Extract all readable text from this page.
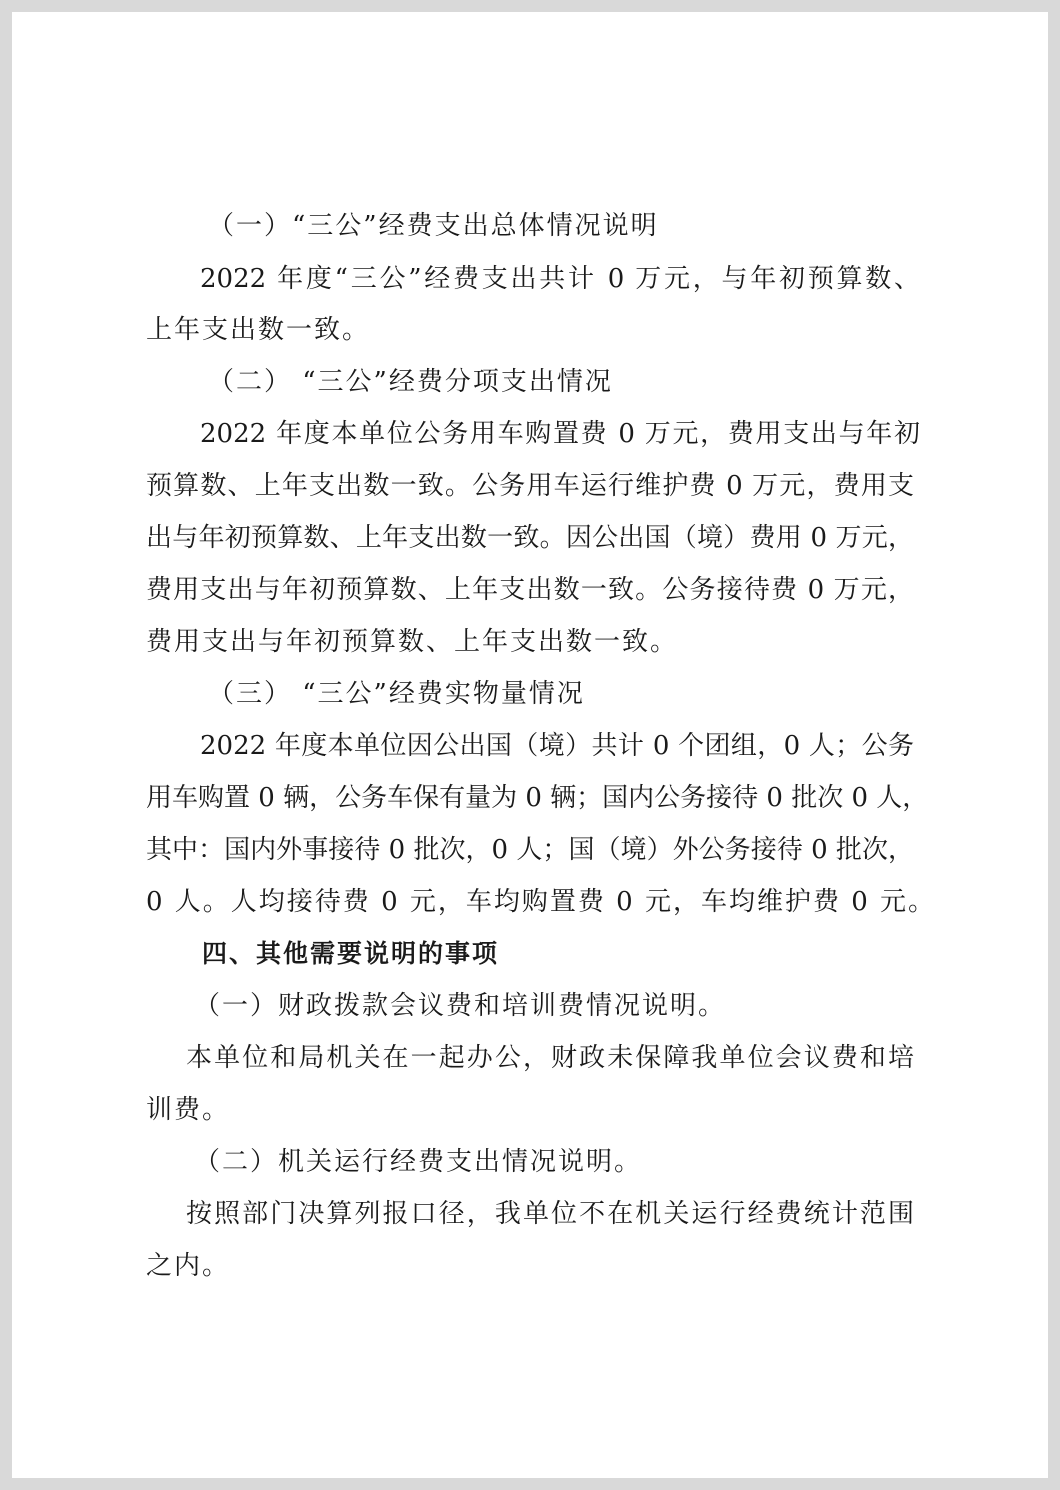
（一）“三公”经费支出总体情况说明
2022 年度“三公”经费支出共计 0 万元，与年初预算数、
上年支出数一致。
（二） “三公”经费分项支出情况
2022 年度本单位公务用车购置费 0 万元，费用支出与年初
预算数、上年支出数一致。公务用车运行维护费 0 万元，费用支
出与年初预算数、上年支出数一致。因公出国（境）费用 0 万元，
费用支出与年初预算数、上年支出数一致。公务接待费 0 万元，
费用支出与年初预算数、上年支出数一致。
（三） “三公”经费实物量情况
2022 年度本单位因公出国（境）共计 0 个团组，0 人；公务
用车购置 0 辆，公务车保有量为 0 辆；国内公务接待 0 批次 0 人，
其中：国内外事接待 0 批次，0 人；国（境）外公务接待 0 批次，
0 人。人均接待费 0 元，车均购置费 0 元，车均维护费 0 元。
四、其他需要说明的事项
（一）财政拨款会议费和培训费情况说明。
本单位和局机关在一起办公，财政未保障我单位会议费和培
训费。
（二）机关运行经费支出情况说明。
按照部门决算列报口径，我单位不在机关运行经费统计范围
之内。
